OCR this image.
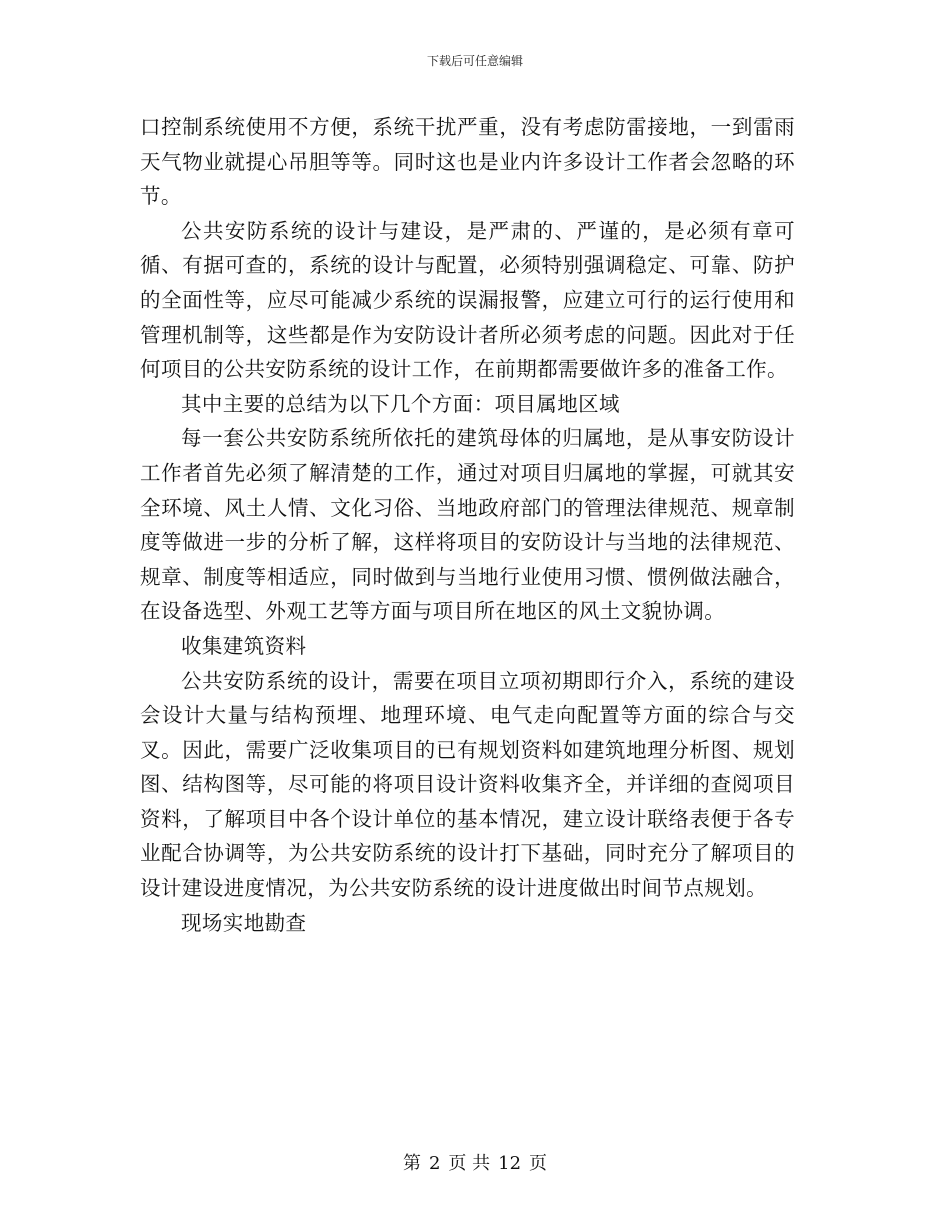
下载后可任意编辑

口控制系统使用不方便，系统干扰严重，没有考虑防雷接地，一到雷雨天气物业就提心吊胆等等。同时这也是业内许多设计工作者会忽略的环节。

公共安防系统的设计与建设，是严肃的、严谨的，是必须有章可循、有据可查的，系统的设计与配置，必须特别强调稳定、可靠、防护的全面性等，应尽可能减少系统的误漏报警，应建立可行的运行使用和管理机制等，这些都是作为安防设计者所必须考虑的问题。因此对于任何项目的公共安防系统的设计工作，在前期都需要做许多的准备工作。

其中主要的总结为以下几个方面：项目属地区域

每一套公共安防系统所依托的建筑母体的归属地，是从事安防设计工作者首先必须了解清楚的工作，通过对项目归属地的掌握，可就其安全环境、风土人情、文化习俗、当地政府部门的管理法律规范、规章制度等做进一步的分析了解，这样将项目的安防设计与当地的法律规范、规章、制度等相适应，同时做到与当地行业使用习惯、惯例做法融合，在设备选型、外观工艺等方面与项目所在地区的风土文貌协调。

收集建筑资料

公共安防系统的设计，需要在项目立项初期即行介入，系统的建设会设计大量与结构预埋、地理环境、电气走向配置等方面的综合与交叉。因此，需要广泛收集项目的已有规划资料如建筑地理分析图、规划图、结构图等，尽可能的将项目设计资料收集齐全，并详细的查阅项目资料，了解项目中各个设计单位的基本情况，建立设计联络表便于各专业配合协调等，为公共安防系统的设计打下基础，同时充分了解项目的设计建设进度情况，为公共安防系统的设计进度做出时间节点规划。

现场实地勘查

第 2 页 共 12 页
